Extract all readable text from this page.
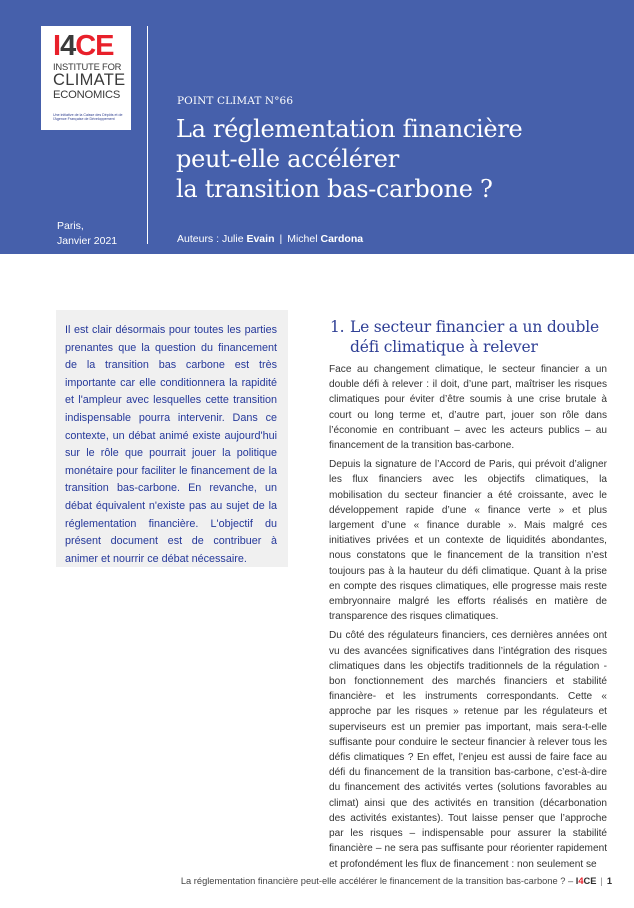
I4CE
INSTITUTE FOR
CLIMATE
ECONOMICS
Une initiative de la Caisse des Dépôts et de l'Agence Française de Développement
Paris,
Janvier 2021
POINT CLIMAT N°66
La réglementation financière
peut-elle accélérer
la transition bas-carbone ?
Auteurs : Julie Evain | Michel Cardona

Il est clair désormais pour toutes les parties prenantes que la question du financement de la transition bas carbone est très importante car elle conditionnera la rapidité et l'ampleur avec lesquelles cette transition indispensable pourra intervenir. Dans ce contexte, un débat animé existe aujourd'hui sur le rôle que pourrait jouer la politique monétaire pour faciliter le financement de la transition bas-carbone. En revanche, un débat équivalent n'existe pas au sujet de la réglementation financière. L'objectif du présent document est de contribuer à animer et nourrir ce débat nécessaire.

1. Le secteur financier a un double défi climatique à relever

Face au changement climatique, le secteur financier a un double défi à relever : il doit, d’une part, maîtriser les risques climatiques pour éviter d’être soumis à une crise brutale à court ou long terme et, d’autre part, jouer son rôle dans l’économie en contribuant – avec les acteurs publics – au financement de la transition bas-carbone.

Depuis la signature de l’Accord de Paris, qui prévoit d’aligner les flux financiers avec les objectifs climatiques, la mobilisation du secteur financier a été croissante, avec le développement rapide d’une « finance verte » et plus largement d’une « finance durable ». Mais malgré ces initiatives privées et un contexte de liquidités abondantes, nous constatons que le financement de la transition n’est toujours pas à la hauteur du défi climatique. Quant à la prise en compte des risques climatiques, elle progresse mais reste embryonnaire malgré les efforts réalisés en matière de transparence des risques climatiques.

Du côté des régulateurs financiers, ces dernières années ont vu des avancées significatives dans l’intégration des risques climatiques dans les objectifs traditionnels de la régulation -bon fonctionnement des marchés financiers et stabilité financière- et les instruments correspondants. Cette « approche par les risques » retenue par les régulateurs et superviseurs est un premier pas important, mais sera-t-elle suffisante pour conduire le secteur financier à relever tous les défis climatiques ? En effet, l’enjeu est aussi de faire face au défi du financement de la transition bas-carbone, c’est-à-dire du financement des activités vertes (solutions favorables au climat) ainsi que des activités en transition (décarbonation des activités existantes). Tout laisse penser que l’approche par les risques – indispensable pour assurer la stabilité financière – ne sera pas suffisante pour réorienter rapidement et profondément les flux de financement : non seulement se

La réglementation financière peut-elle accélérer le financement de la transition bas-carbone ? – I4CE | 1
